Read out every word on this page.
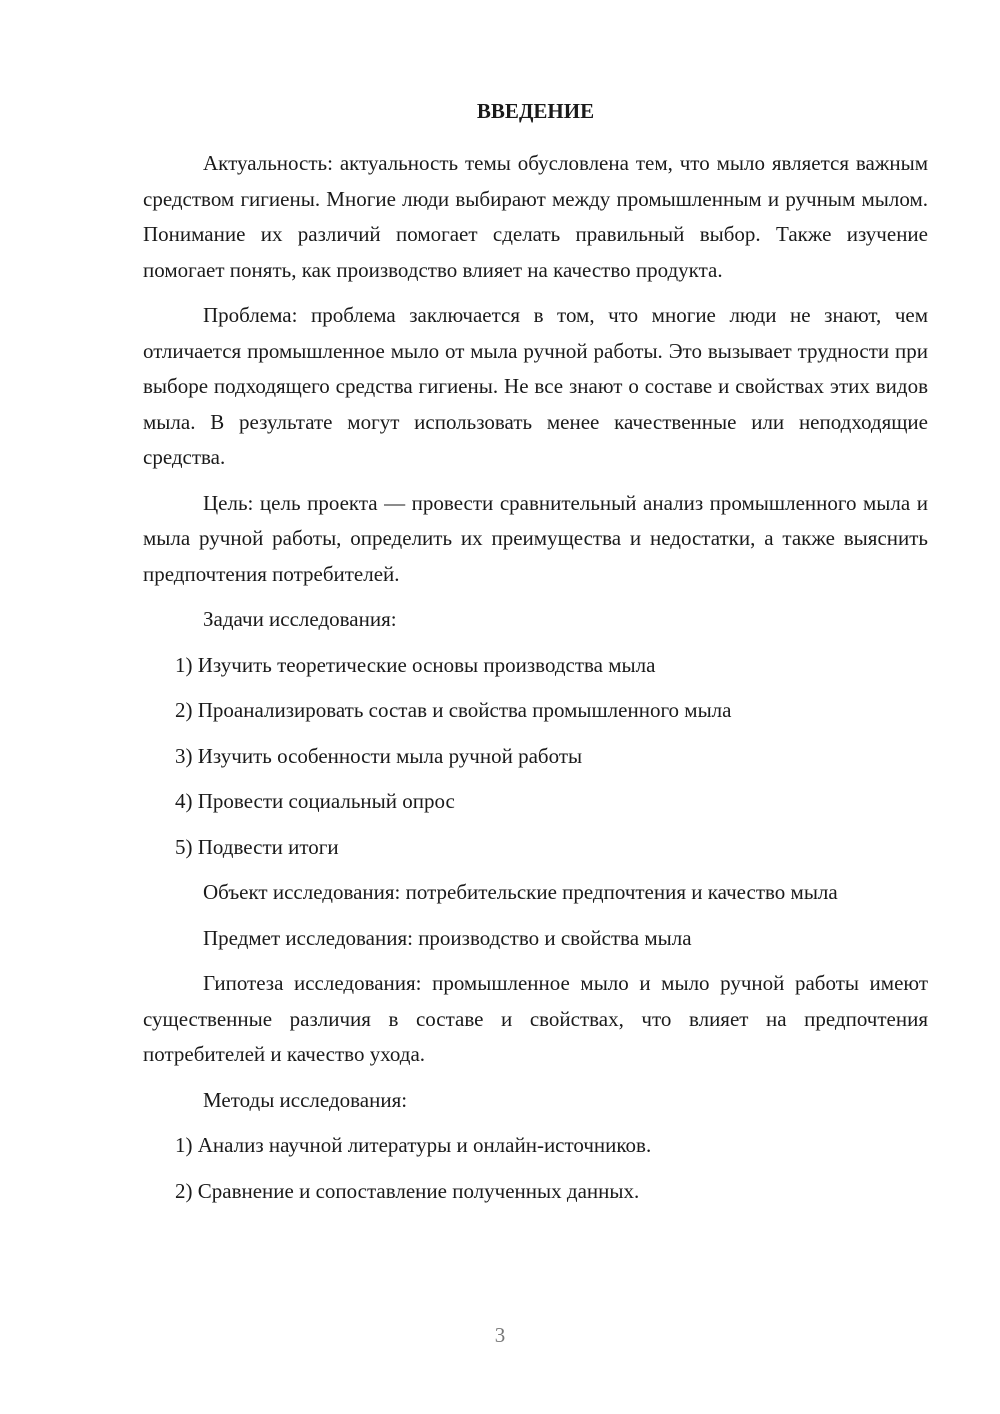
ВВЕДЕНИЕ

Актуальность: актуальность темы обусловлена тем, что мыло является важным средством гигиены. Многие люди выбирают между промышленным и ручным мылом. Понимание их различий помогает сделать правильный выбор. Также изучение помогает понять, как производство влияет на качество продукта.

Проблема: проблема заключается в том, что многие люди не знают, чем отличается промышленное мыло от мыла ручной работы. Это вызывает трудности при выборе подходящего средства гигиены. Не все знают о составе и свойствах этих видов мыла. В результате могут использовать менее качественные или неподходящие средства.

Цель: цель проекта — провести сравнительный анализ промышленного мыла и мыла ручной работы, определить их преимущества и недостатки, а также выяснить предпочтения потребителей.

Задачи исследования:

1) Изучить теоретические основы производства мыла

2) Проанализировать состав и свойства промышленного мыла

3) Изучить особенности мыла ручной работы

4) Провести социальный опрос

5) Подвести итоги

Объект исследования: потребительские предпочтения и качество мыла

Предмет исследования: производство и свойства мыла

Гипотеза исследования: промышленное мыло и мыло ручной работы имеют существенные различия в составе и свойствах, что влияет на предпочтения потребителей и качество ухода.

Методы исследования:

1) Анализ научной литературы и онлайн-источников.

2) Сравнение и сопоставление полученных данных.

3
